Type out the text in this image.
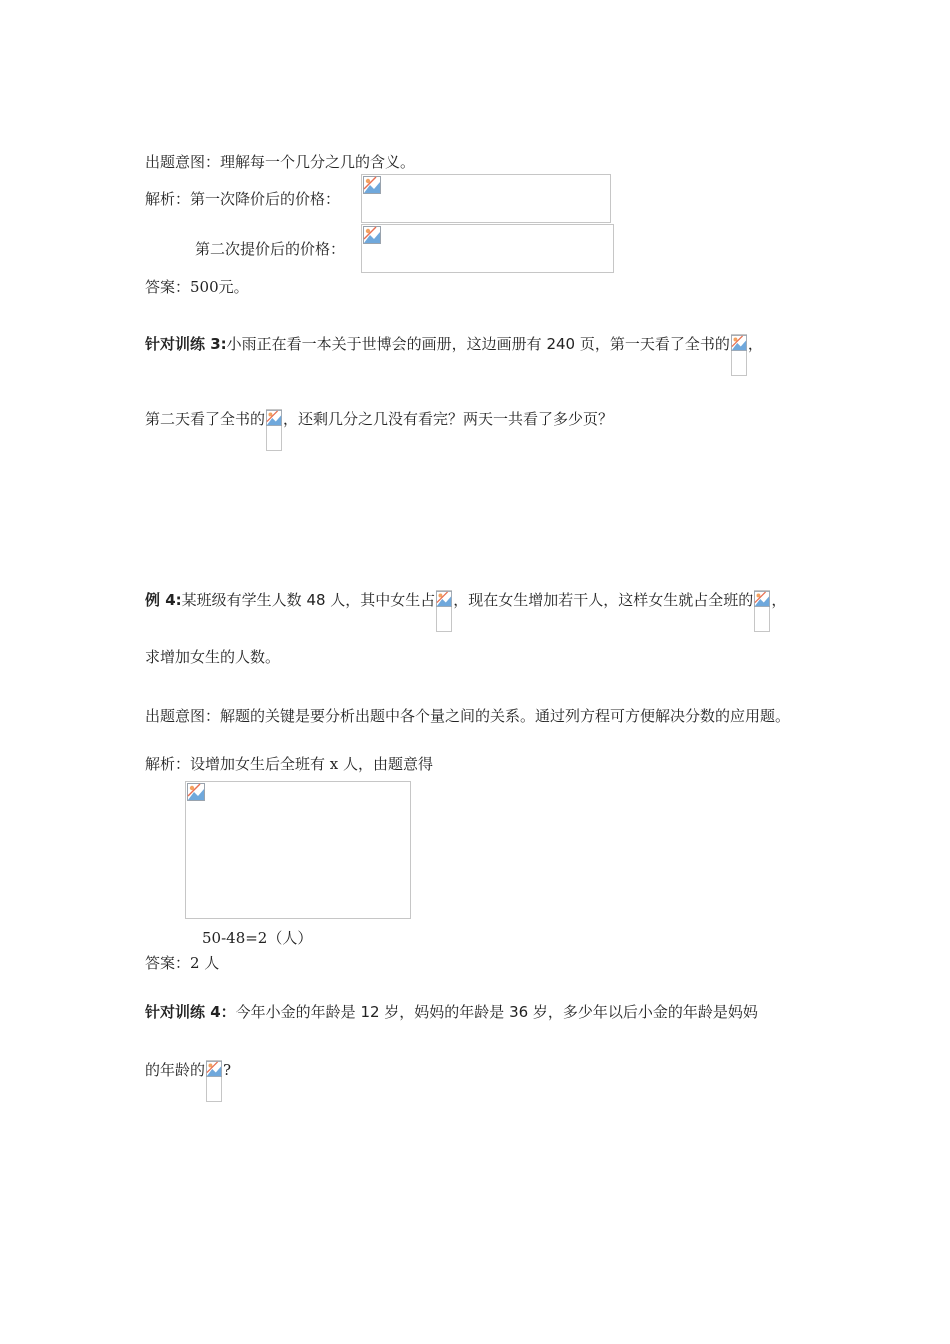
出题意图：理解每一个几分之几的含义。
解析：第一次降价后的价格：
第二次提价后的价格：
答案：500元。
针对训练 3:小雨正在看一本关于世博会的画册，这边画册有 240 页，第一天看了全书的 ，
第二天看了全书的 ，还剩几分之几没有看完？两天一共看了多少页？
例 4:某班级有学生人数 48 人，其中女生占 ，现在女生增加若干人，这样女生就占全班的 ，
求增加女生的人数。
出题意图：解题的关键是要分析出题中各个量之间的关系。通过列方程可方便解决分数的应用题。
解析：设增加女生后全班有 x 人，由题意得
50-48=2（人）
答案：2 人
针对训练 4：今年小金的年龄是 12 岁，妈妈的年龄是 36 岁，多少年以后小金的年龄是妈妈
的年龄的 ?
